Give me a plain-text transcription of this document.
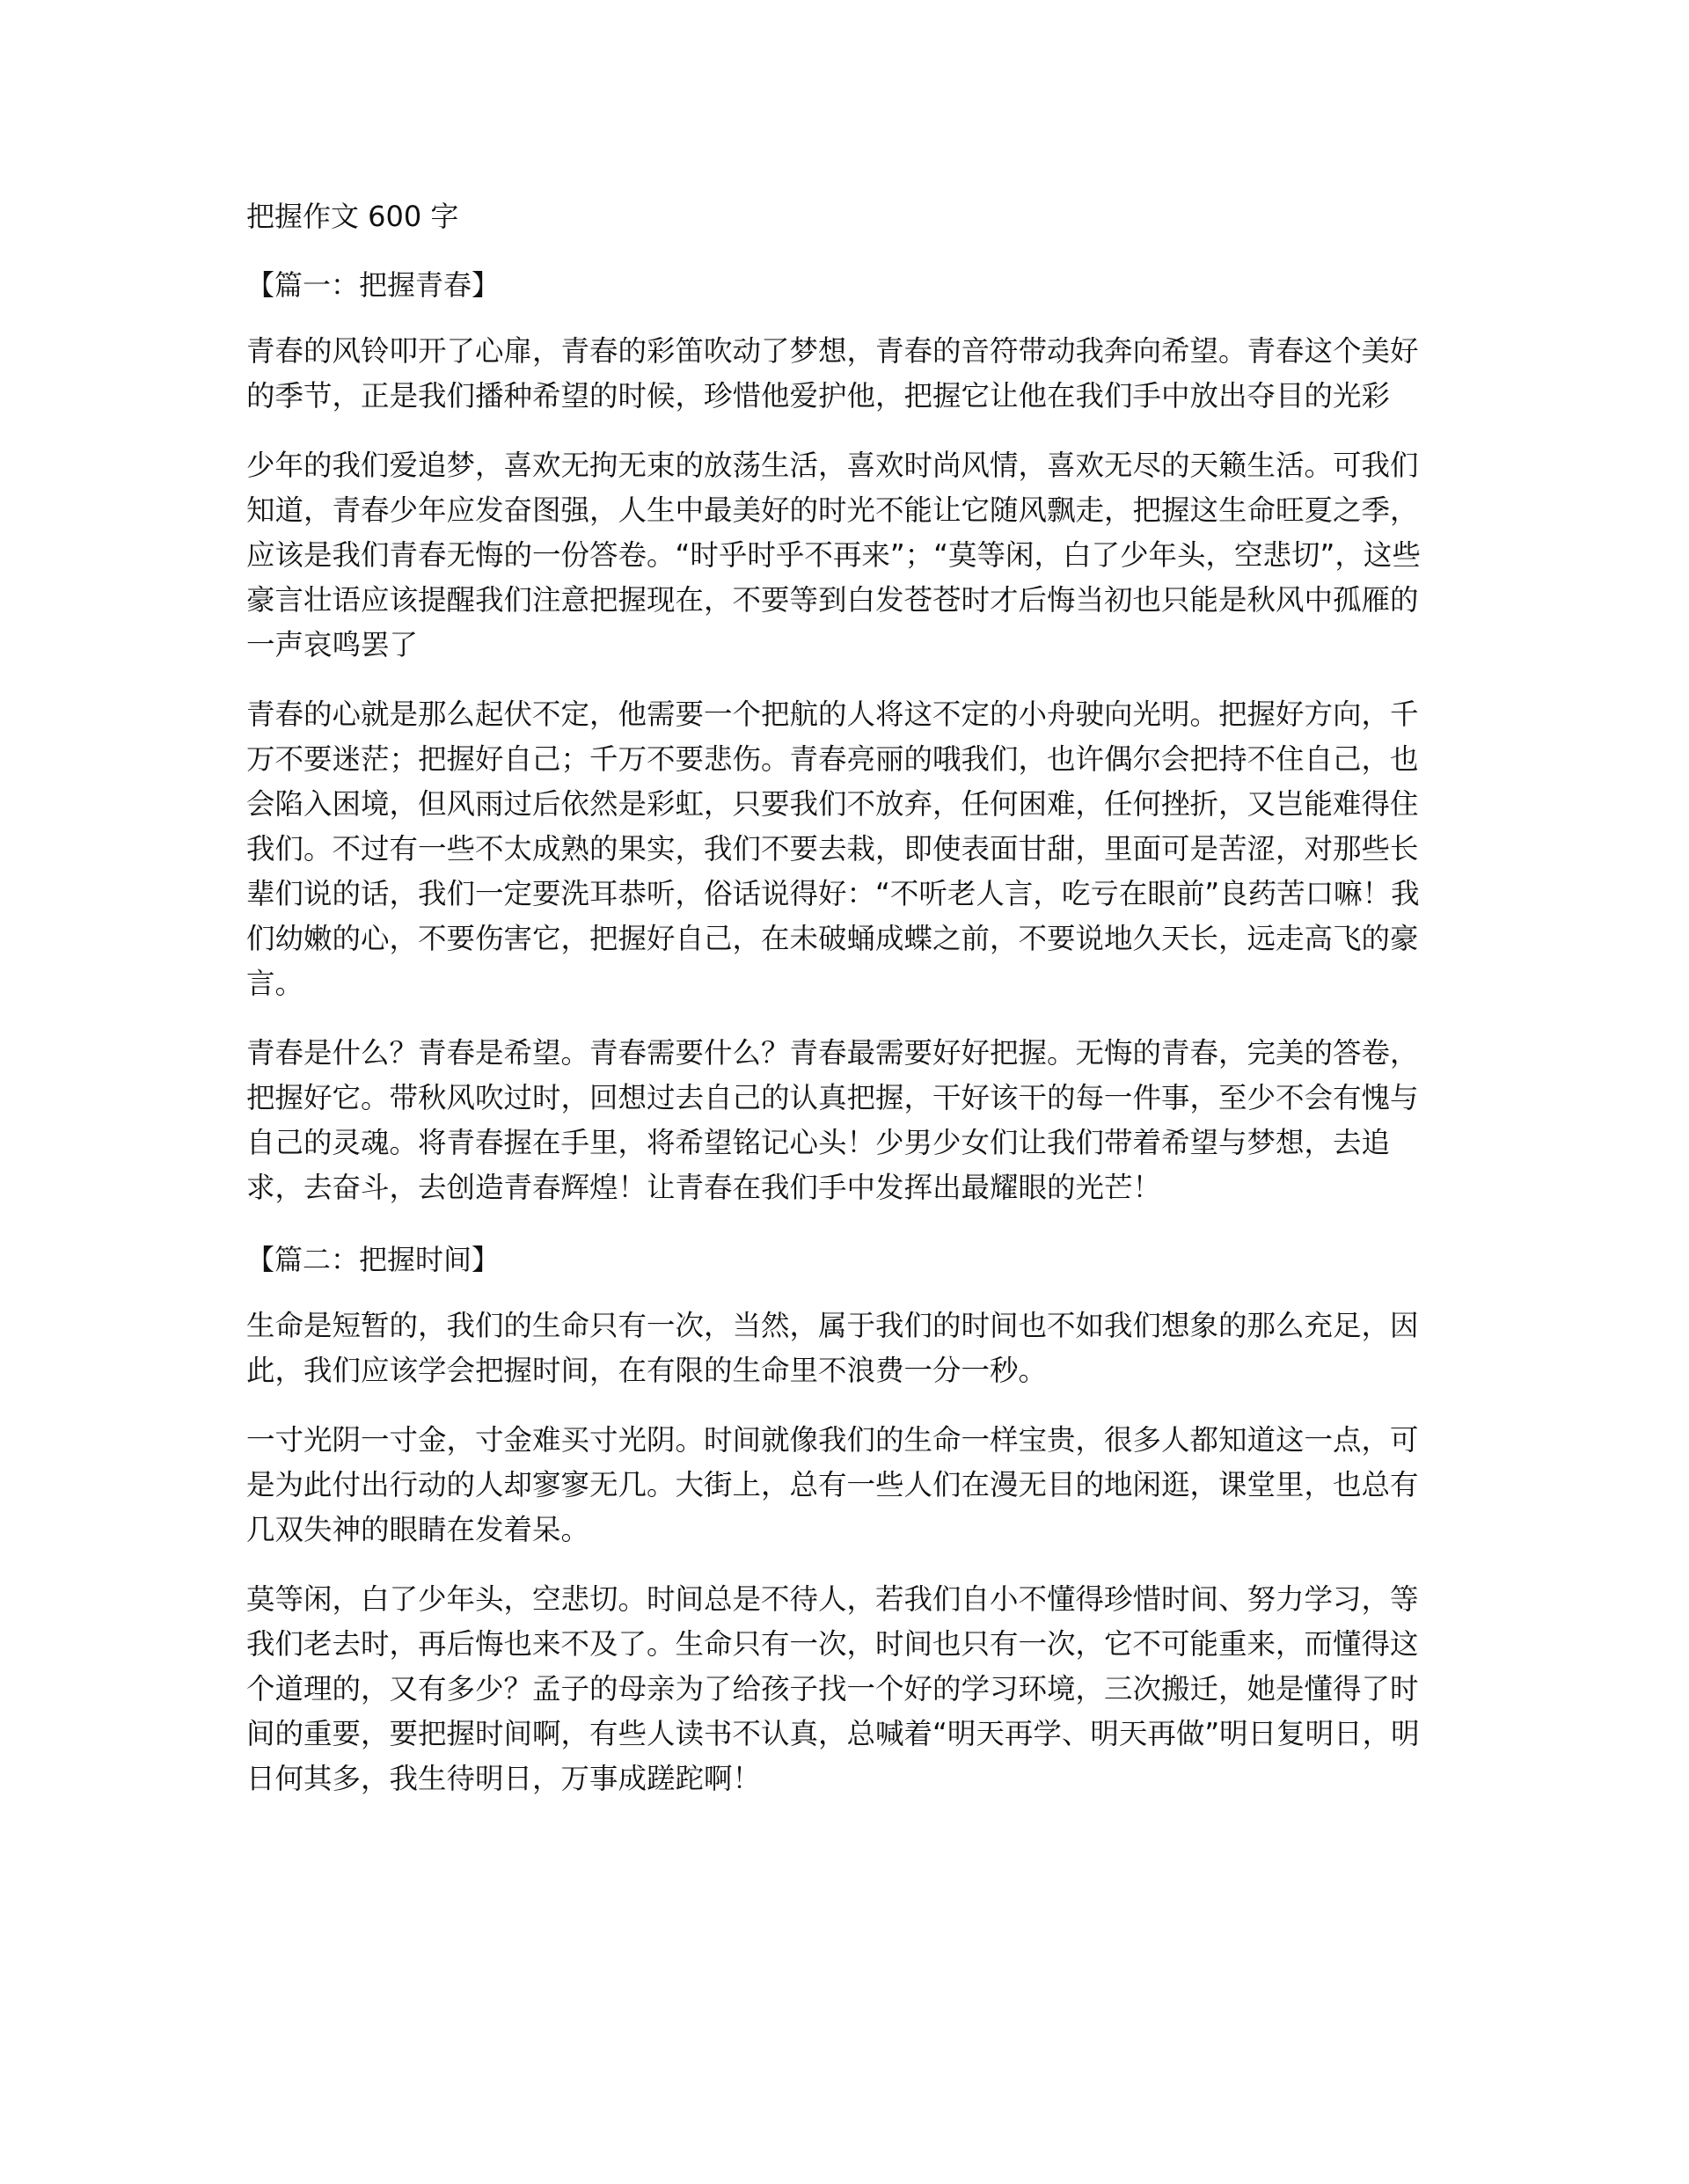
把握作文 600 字
【篇一：把握青春】

青春的风铃叩开了心扉，青春的彩笛吹动了梦想，青春的音符带动我奔向希望。青春这个美好的季节，正是我们播种希望的时候，珍惜他爱护他，把握它让他在我们手中放出夺目的光彩

少年的我们爱追梦，喜欢无拘无束的放荡生活，喜欢时尚风情，喜欢无尽的天籁生活。可我们知道，青春少年应发奋图强，人生中最美好的时光不能让它随风飘走，把握这生命旺夏之季，应该是我们青春无悔的一份答卷。“时乎时乎不再来”；“莫等闲，白了少年头，空悲切”，这些豪言壮语应该提醒我们注意把握现在，不要等到白发苍苍时才后悔当初也只能是秋风中孤雁的一声哀鸣罢了

青春的心就是那么起伏不定，他需要一个把航的人将这不定的小舟驶向光明。把握好方向，千万不要迷茫；把握好自己；千万不要悲伤。青春亮丽的哦我们，也许偶尔会把持不住自己，也会陷入困境，但风雨过后依然是彩虹，只要我们不放弃，任何困难，任何挫折，又岂能难得住我们。不过有一些不太成熟的果实，我们不要去栽，即使表面甘甜，里面可是苦涩，对那些长辈们说的话，我们一定要洗耳恭听，俗话说得好：“不听老人言，吃亏在眼前”良药苦口嘛！我们幼嫩的心，不要伤害它，把握好自己，在未破蛹成蝶之前，不要说地久天长，远走高飞的豪言。

青春是什么？青春是希望。青春需要什么？青春最需要好好把握。无悔的青春，完美的答卷，把握好它。带秋风吹过时，回想过去自己的认真把握，干好该干的每一件事，至少不会有愧与自己的灵魂。将青春握在手里，将希望铭记心头！少男少女们让我们带着希望与梦想，去追求，去奋斗，去创造青春辉煌！让青春在我们手中发挥出最耀眼的光芒！

【篇二：把握时间】

生命是短暂的，我们的生命只有一次，当然，属于我们的时间也不如我们想象的那么充足，因此，我们应该学会把握时间，在有限的生命里不浪费一分一秒。

一寸光阴一寸金，寸金难买寸光阴。时间就像我们的生命一样宝贵，很多人都知道这一点，可是为此付出行动的人却寥寥无几。大街上，总有一些人们在漫无目的地闲逛，课堂里，也总有几双失神的眼睛在发着呆。

莫等闲，白了少年头，空悲切。时间总是不待人，若我们自小不懂得珍惜时间、努力学习，等我们老去时，再后悔也来不及了。生命只有一次，时间也只有一次，它不可能重来，而懂得这个道理的，又有多少？孟子的母亲为了给孩子找一个好的学习环境，三次搬迁，她是懂得了时间的重要，要把握时间啊，有些人读书不认真，总喊着“明天再学、明天再做”明日复明日，明日何其多，我生待明日，万事成蹉跎啊！
